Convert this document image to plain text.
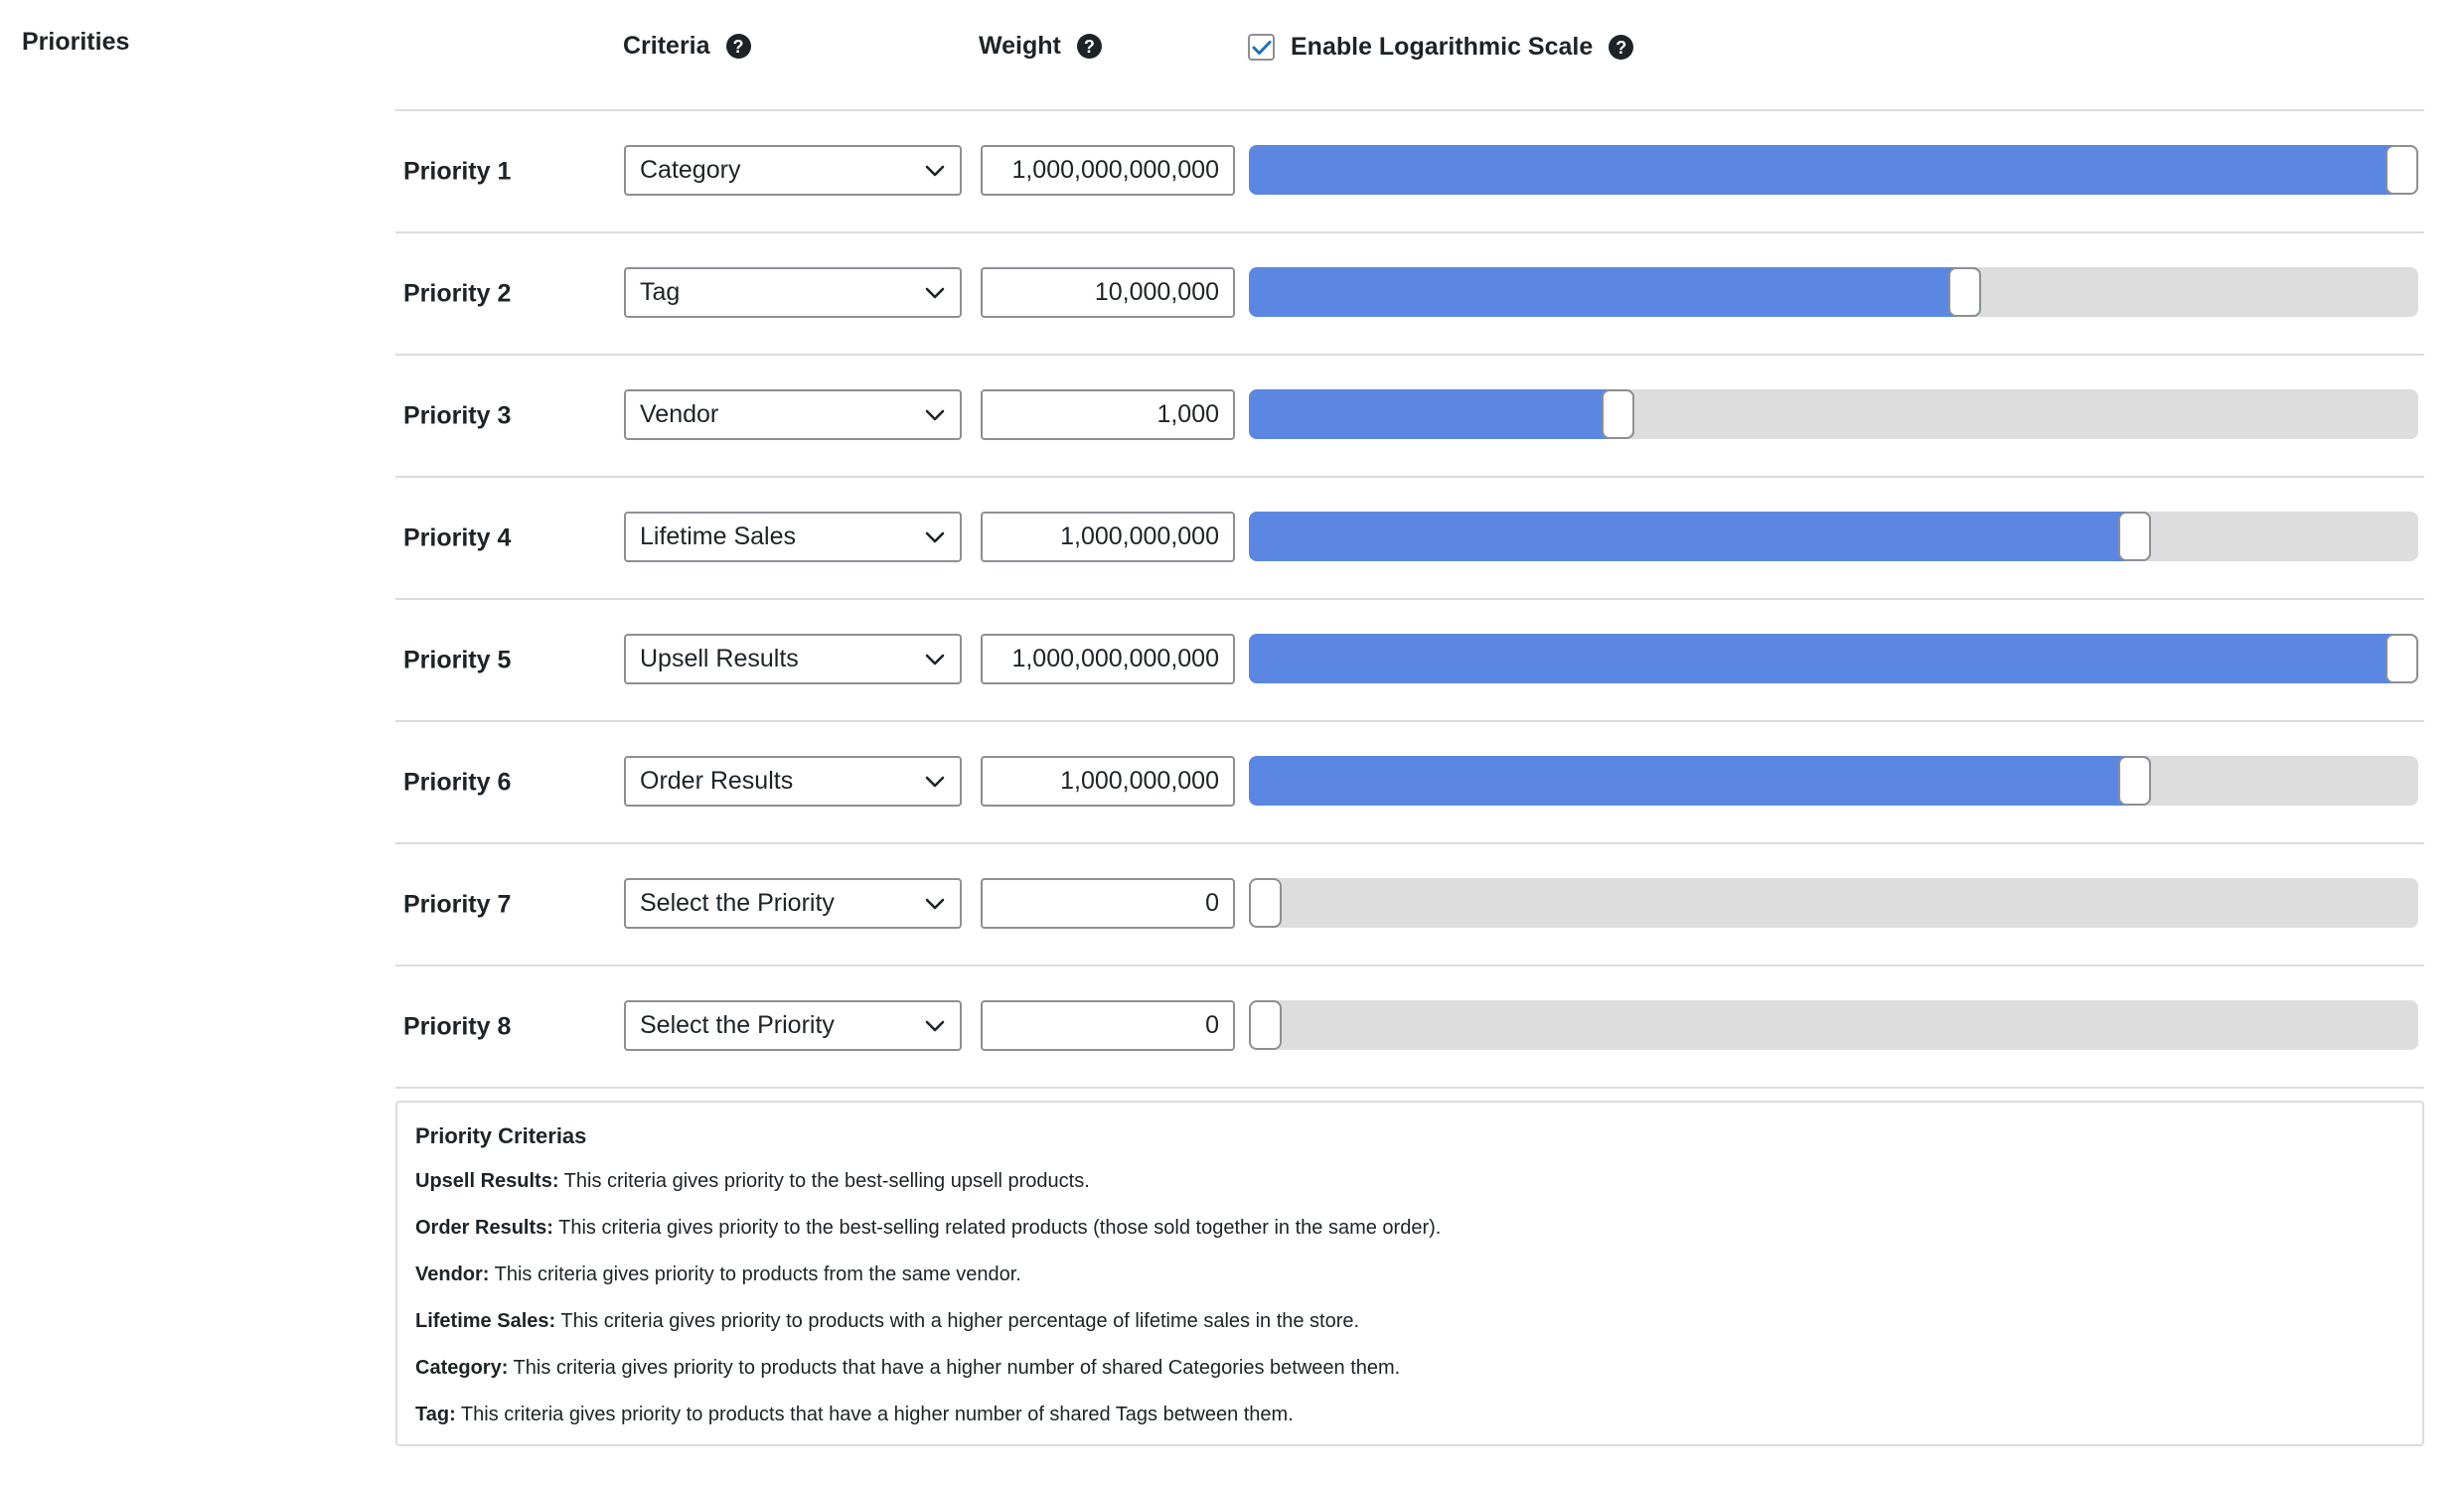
Priorities	Criteria	?	Weight	?	Enable Logarithmic Scale	?
Priority 1	Category	1,000,000,000,000
Priority 2	Tag	10,000,000
Priority 3	Vendor	1,000
Priority 4	Lifetime Sales	1,000,000,000
Priority 5	Upsell Results	1,000,000,000,000
Priority 6	Order Results	1,000,000,000
Priority 7	Select the Priority	0
Priority 8	Select the Priority	0
Priority Criterias
Upsell Results: This criteria gives priority to the best-selling upsell products.
Order Results: This criteria gives priority to the best-selling related products (those sold together in the same order).
Vendor: This criteria gives priority to products from the same vendor.
Lifetime Sales: This criteria gives priority to products with a higher percentage of lifetime sales in the store.
Category: This criteria gives priority to products that have a higher number of shared Categories between them.
Tag: This criteria gives priority to products that have a higher number of shared Tags between them.
